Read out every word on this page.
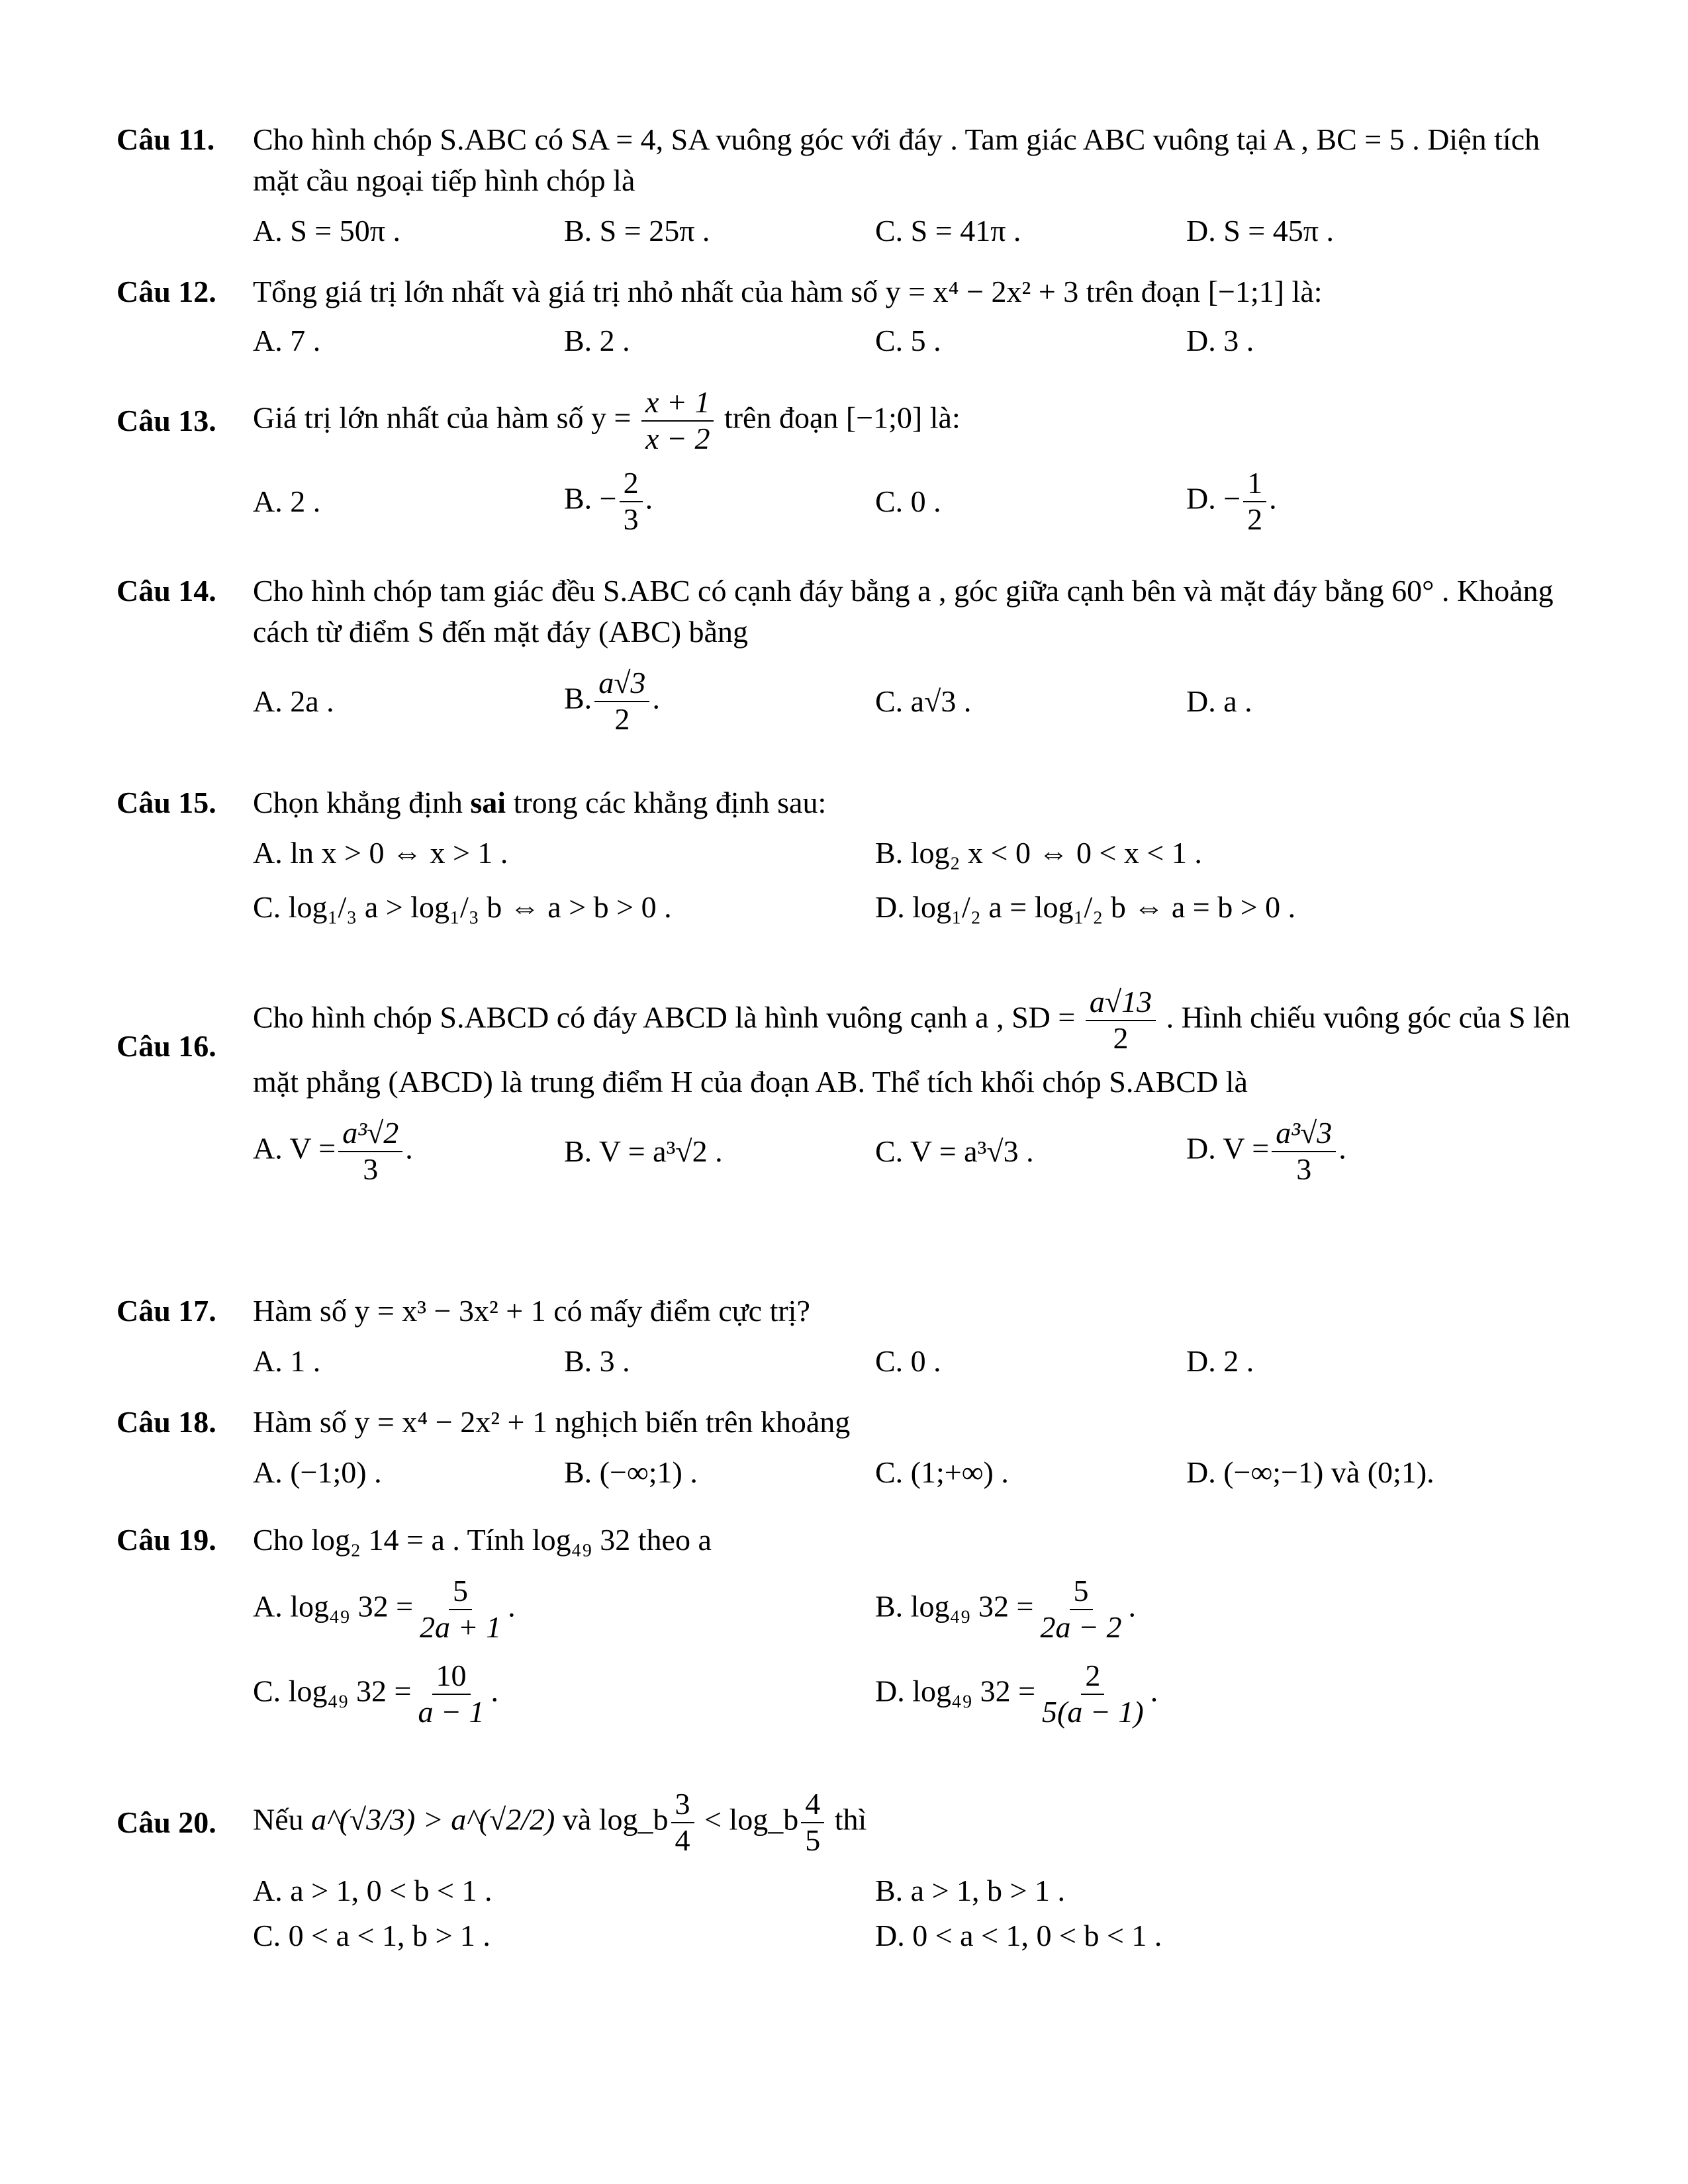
Câu 11.	Cho hình chóp S.ABC có SA = 4, SA vuông góc với đáy . Tam giác ABC vuông tại A , BC = 5 . Diện tích mặt cầu ngoại tiếp hình chóp là
A. S = 50π .	B. S = 25π .	C. S = 41π .	D. S = 45π .
Câu 12.	Tổng giá trị lớn nhất và giá trị nhỏ nhất của hàm số y = x⁴ − 2x² + 3 trên đoạn [−1;1] là:
A. 7 .	B. 2 .	C. 5 .	D. 3 .
Câu 13.	Giá trị lớn nhất của hàm số $y = \frac{x + 1}{x - 2}$ trên đoạn [−1;0] là:
A. 2 .	B. − $\frac{2}{3}$ .	C. 0 .	D. − $\frac{1}{2}$ .
Câu 14.	Cho hình chóp tam giác đều S.ABC có cạnh đáy bằng a , góc giữa cạnh bên và mặt đáy bằng 60° . Khoảng cách từ điểm S đến mặt đáy (ABC) bằng
A. 2a .	B. $\frac{a√3}{2}$ .	C. a√3 .	D. a .
Câu 15.	Chọn khẳng định sai trong các khẳng định sau:
A. ln x > 0 ⇔ x > 1 .	B. log₂ x < 0 ⇔ 0 < x < 1 .
C. log₁/₃ a > log₁/₃ b ⇔ a > b > 0 .	D. log₁/₂ a = log₁/₂ b ⇔ a = b > 0 .
Câu 16.
Cho hình chóp S.ABCD có đáy ABCD là hình vuông cạnh a , SD = $\frac{a√13}{2}$ . Hình chiếu vuông góc của S lên mặt phẳng (ABCD) là trung điểm H của đoạn AB. Thể tích khối chóp S.ABCD là
A. $V = \frac{\text{a³√2}}{3}$ .	B. V = a³√2 .	C. V = a³√3 .	D. $V = \frac{\text{a³√3}}{3}$ .
Câu 17.	Hàm số y = x³ − 3x² + 1 có mấy điểm cực trị?
A. 1 .	B. 3 .	C. 0 .	D. 2 .
Câu 18.	Hàm số y = x⁴ − 2x² + 1 nghịch biến trên khoảng
A. (−1;0) .	B. (−∞;1) .	C. (1;+∞) .	D. (−∞;−1) và (0;1).
Câu 19.	Cho log₂ 14 = a . Tính log₄₉ 32 theo a
A. log₄₉ $32 = \frac{5}{2a + 1}$ .	B. log₄₉ $32 = \frac{5}{2a - 2}$ .
C. log₄₉ $32 = \frac{10}{a - 1}$ .	D. log₄₉ $32 = \frac{2}{5(a - 1)}$ .
Câu 20.	Nếu a^(√3/3) > a^(√2/2) và log_b $\frac{3}{4}$ < log_b $\frac{4}{5}$ thì
A. a > 1, 0 < b < 1 .	B. a > 1, b > 1 .
C. 0 < a < 1, b > 1 .	D. 0 < a < 1, 0 < b < 1 .
